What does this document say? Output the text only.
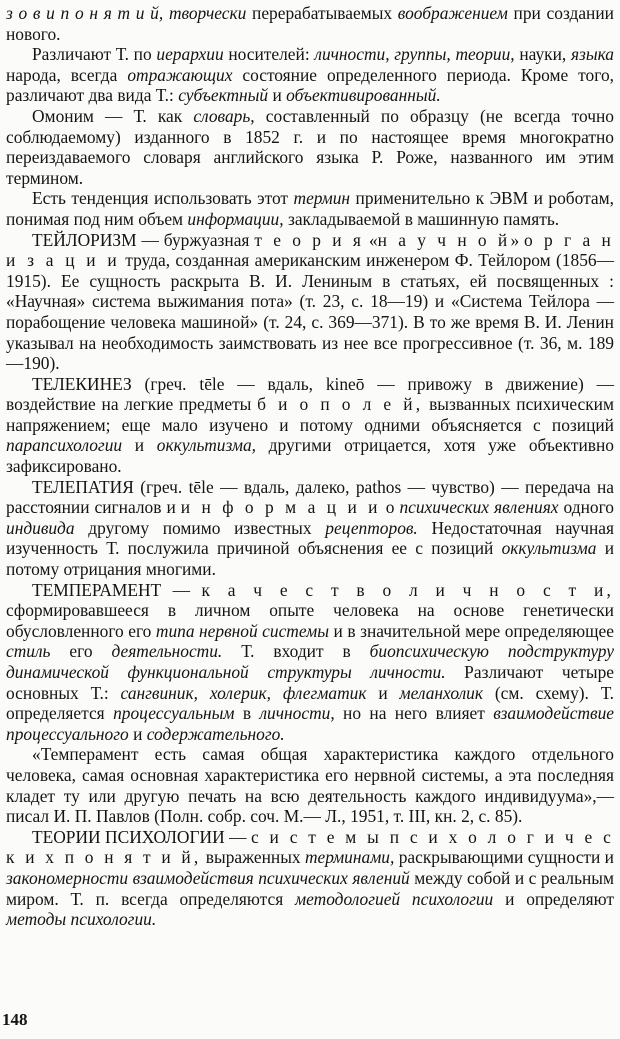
з о в и п о н я т и й, творчески перерабатываемых воображением при создании нового.

Различают Т. по иерархии носителей: личности, группы, теории, науки, языка народа, всегда отражающих состояние определенного периода. Кроме того, различают два вида Т.: субъектный и объективированный.

Омоним — Т. как словарь, составленный по образцу (не всегда точно соблюдаемому) изданного в 1852 г. и по настоящее время многократно переиздаваемого словаря английского языка Р. Роже, названного им этим термином.

Есть тенденция использовать этот термин применительно к ЭВМ и роботам, понимая под ним объем информации, закладываемой в машинную память.

ТЕЙЛОРИЗМ — буржуазная т е о р и я «н а у ч н о й» о р г а н и з а ц и и труда, созданная американским инженером Ф. Тейлором (1856—1915). Ее сущность раскрыта В. И. Лениным в статьях, ей посвященных : «Научная» система выжимания пота» (т. 23, с. 18—19) и «Система Тейлора — порабощение человека машиной» (т. 24, с. 369—371). В то же время В. И. Ленин указывал на необходимость заимствовать из нее все прогрессивное (т. 36, м. 189—190).

ТЕЛЕКИНЕЗ (греч. tēle — вдаль, kineō — привожу в движение) — воздействие на легкие предметы б и о п о л е й, вызванных психическим напряжением; еще мало изучено и потому одними объясняется с позиций парапсихологии и оккультизма, другими отрицается, хотя уже объективно зафиксировано.

ТЕЛЕПАТИЯ (греч. tēle — вдаль, далеко, pathos — чувство) — передача на расстоянии сигналов и и н ф о р м а ц и и о психических явлениях одного индивида другому помимо известных рецепторов. Недостаточная научная изученность Т. послужила причиной объяснения ее с позиций оккультизма и потому отрицания многими.

ТЕМПЕРАМЕНТ — к а ч е с т в о л и ч н о с т и, сформировавшееся в личном опыте человека на основе генетически обусловленного его типа нервной системы и в значительной мере определяющее стиль его деятельности. Т. входит в биопсихическую подструктуру динамической функциональной структуры личности. Различают четыре основных Т.: сангвиник, холерик, флегматик и меланхолик (см. схему). Т. определяется процессуальным в личности, но на него влияет взаимодействие процессуального и содержательного.

«Темперамент есть самая общая характеристика каждого отдельного человека, самая основная характеристика его нервной системы, а эта последняя кладет ту или другую печать на всю деятельность каждого индивидуума»,— писал И. П. Павлов (Полн. собр. соч. М.— Л., 1951, т. III, кн. 2, с. 85).

ТЕОРИИ ПСИХОЛОГИИ — с и с т е м ы п с и х о л о г и ч е с к и х п о н я т и й, выраженных терминами, раскрывающими сущности и закономерности взаимодействия психических явлений между собой и с реальным миром. Т. п. всегда определяются методологией психологии и определяют методы психологии.

148
